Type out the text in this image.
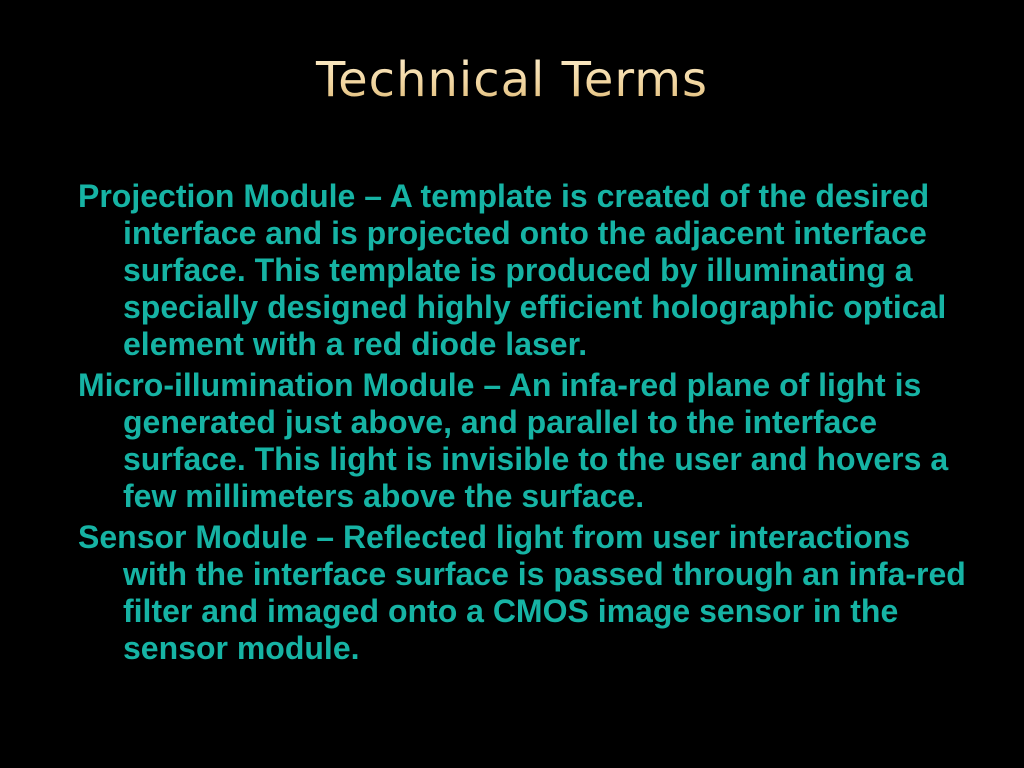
Technical Terms
Projection Module – A template is created of the desired interface and is projected onto the adjacent interface surface. This template is produced by illuminating a specially designed highly efficient holographic optical element with a red diode laser.
Micro-illumination Module – An infa-red plane of light is generated just above, and parallel to the interface surface. This light is invisible to the user and hovers a few millimeters above the surface.
Sensor Module – Reflected light from user interactions with the interface surface is passed through an infa-red filter and imaged onto a CMOS image sensor in the sensor module.
